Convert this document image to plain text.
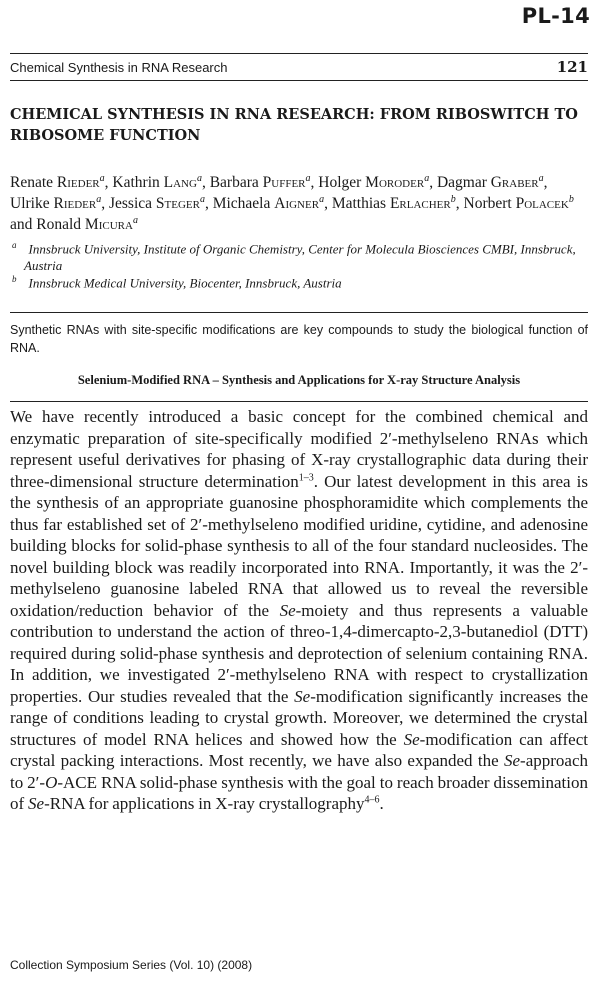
PL-14
Chemical Synthesis in RNA Research	121
CHEMICAL SYNTHESIS IN RNA RESEARCH: FROM RIBOSWITCH TO RIBOSOME FUNCTION
Renate Rieder$^a$, Kathrin Lang$^a$, Barbara Puffer$^a$, Holger Moroder$^a$, Dagmar Graber$^a$, Ulrike Rieder$^a$, Jessica Steger$^a$, Michaela Aigner$^a$, Matthias Erlacher$^b$, Norbert Polacek$^b$ and Ronald Micura$^a$
$^a$ Innsbruck University, Institute of Organic Chemistry, Center for Molecula Biosciences CMBI, Innsbruck, Austria
$^b$ Innsbruck Medical University, Biocenter, Innsbruck, Austria

Synthetic RNAs with site-specific modifications are key compounds to study the biological function of RNA.

Selenium-Modified RNA – Synthesis and Applications for X-ray Structure Analysis

We have recently introduced a basic concept for the combined chemical and enzymatic preparation of site-specifically modified 2′-methylseleno RNAs which represent useful derivatives for phasing of X-ray crystallographic data during their three-dimensional structure determination$^{1-3}$. Our latest development in this area is the synthesis of an appropriate guanosine phosphoramidite which complements the thus far established set of 2′-methylseleno modified uridine, cytidine, and adenosine building blocks for solid-phase synthesis to all of the four standard nucleosides. The novel building block was readily incorporated into RNA. Importantly, it was the 2′-methylseleno guanosine labeled RNA that allowed us to reveal the reversible oxidation/reduction behavior of the Se-moiety and thus represents a valuable contribution to understand the action of threo-1,4-dimercapto-2,3-butanediol (DTT) required during solid-phase synthesis and deprotection of selenium containing RNA. In addition, we investigated 2′-methylseleno RNA with respect to crystallization properties. Our studies revealed that the Se-modification significantly increases the range of conditions leading to crystal growth. Moreover, we determined the crystal structures of model RNA helices and showed how the Se-modification can affect crystal packing interactions. Most recently, we have also expanded the Se-approach to 2′-O-ACE RNA solid-phase synthesis with the goal to reach broader dissemination of Se-RNA for applications in X-ray crystallography$^{4-6}$.

Collection Symposium Series (Vol. 10) (2008)
